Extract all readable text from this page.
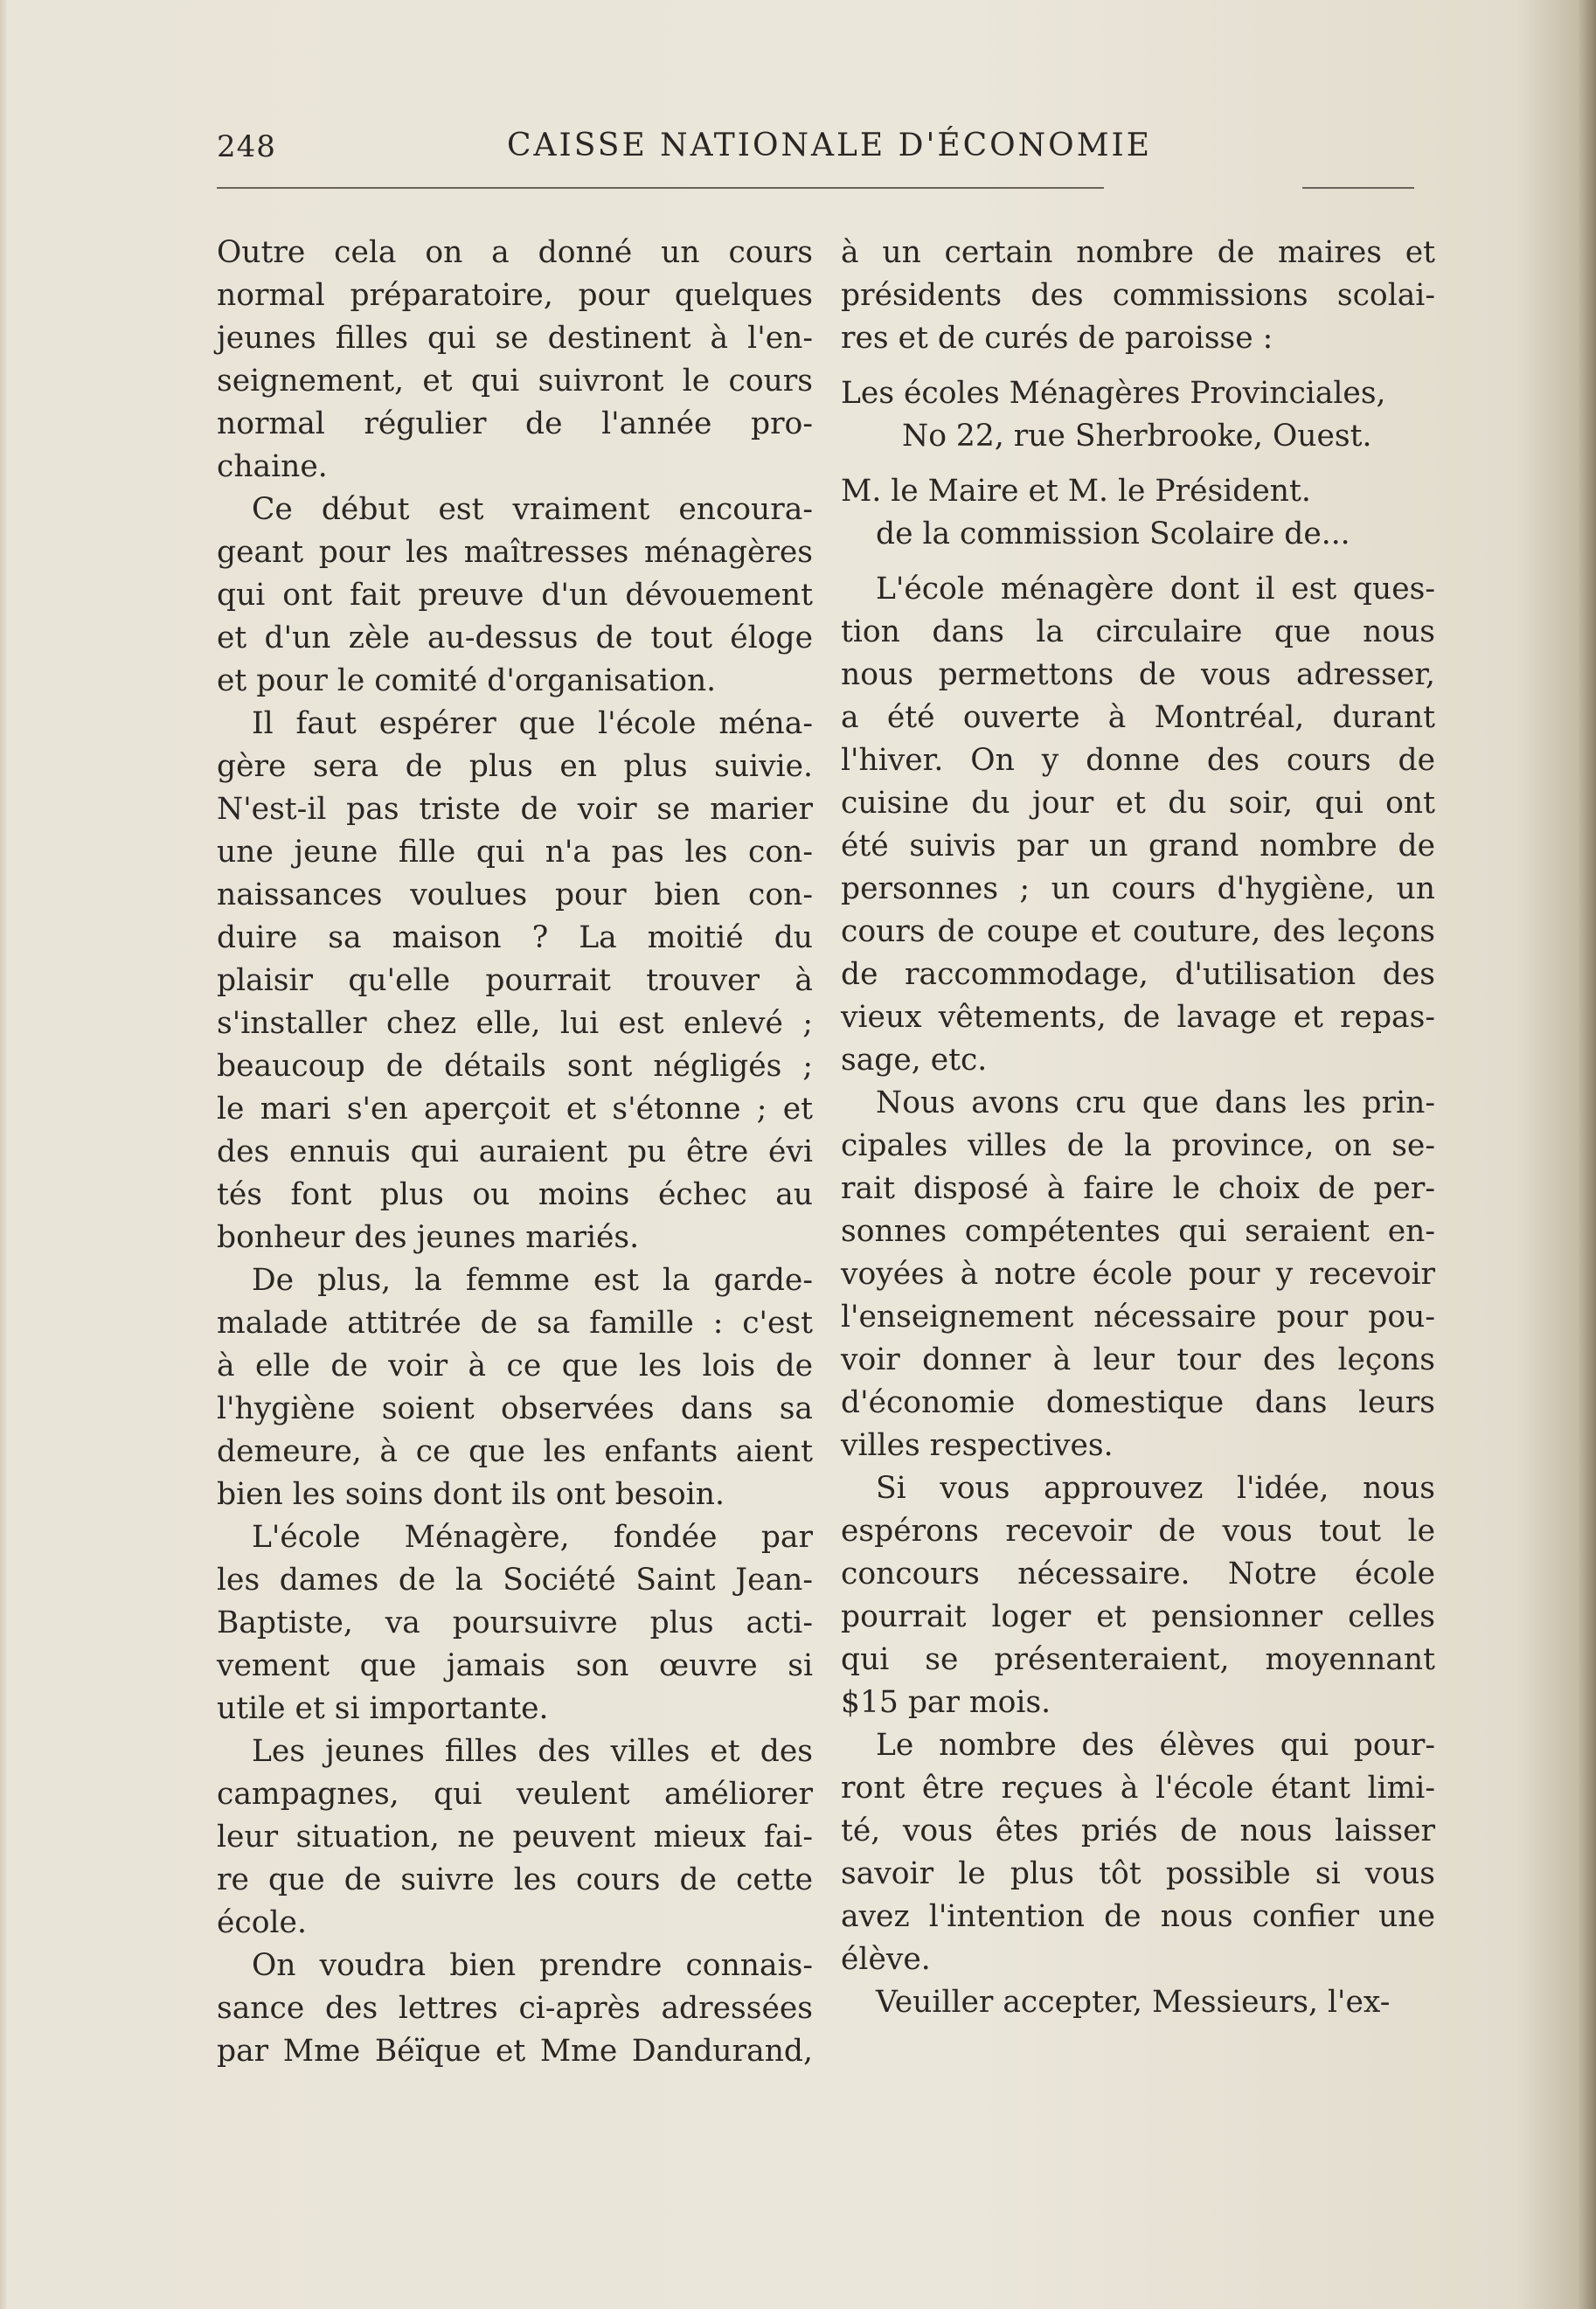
248	CAISSE NATIONALE D'ÉCONOMIE
Outre cela on a donné un cours
normal préparatoire, pour quelques
jeunes filles qui se destinent à l'en-
seignement, et qui suivront le cours
normal régulier de l'année pro-
chaine.
Ce début est vraiment encoura-
geant pour les maîtresses ménagères
qui ont fait preuve d'un dévouement
et d'un zèle au-dessus de tout éloge
et pour le comité d'organisation.
Il faut espérer que l'école ména-
gère sera de plus en plus suivie.
N'est-il pas triste de voir se marier
une jeune fille qui n'a pas les con-
naissances voulues pour bien con-
duire sa maison ? La moitié du
plaisir qu'elle pourrait trouver à
s'installer chez elle, lui est enlevé ;
beaucoup de détails sont négligés ;
le mari s'en aperçoit et s'étonne ; et
des ennuis qui auraient pu être évi
tés font plus ou moins échec au
bonheur des jeunes mariés.
De plus, la femme est la garde-
malade attitrée de sa famille : c'est
à elle de voir à ce que les lois de
l'hygiène soient observées dans sa
demeure, à ce que les enfants aient
bien les soins dont ils ont besoin.
L'école Ménagère, fondée par
les dames de la Société Saint Jean-
Baptiste, va poursuivre plus acti-
vement que jamais son œuvre si
utile et si importante.
Les jeunes filles des villes et des
campagnes, qui veulent améliorer
leur situation, ne peuvent mieux fai-
re que de suivre les cours de cette
école.
On voudra bien prendre connais-
sance des lettres ci-après adressées
par Mme Béïque et Mme Dandurand,
à un certain nombre de maires et
présidents des commissions scolai-
res et de curés de paroisse :
Les écoles Ménagères Provinciales,
No 22, rue Sherbrooke, Ouest.
M. le Maire et M. le Président.
de la commission Scolaire de...
L'école ménagère dont il est ques-
tion dans la circulaire que nous
nous permettons de vous adresser,
a été ouverte à Montréal, durant
l'hiver. On y donne des cours de
cuisine du jour et du soir, qui ont
été suivis par un grand nombre de
personnes ; un cours d'hygiène, un
cours de coupe et couture, des leçons
de raccommodage, d'utilisation des
vieux vêtements, de lavage et repas-
sage, etc.
Nous avons cru que dans les prin-
cipales villes de la province, on se-
rait disposé à faire le choix de per-
sonnes compétentes qui seraient en-
voyées à notre école pour y recevoir
l'enseignement nécessaire pour pou-
voir donner à leur tour des leçons
d'économie domestique dans leurs
villes respectives.
Si vous approuvez l'idée, nous
espérons recevoir de vous tout le
concours nécessaire. Notre école
pourrait loger et pensionner celles
qui se présenteraient, moyennant
$15 par mois.
Le nombre des élèves qui pour-
ront être reçues à l'école étant limi-
té, vous êtes priés de nous laisser
savoir le plus tôt possible si vous
avez l'intention de nous confier une
élève.
Veuiller accepter, Messieurs, l'ex-
